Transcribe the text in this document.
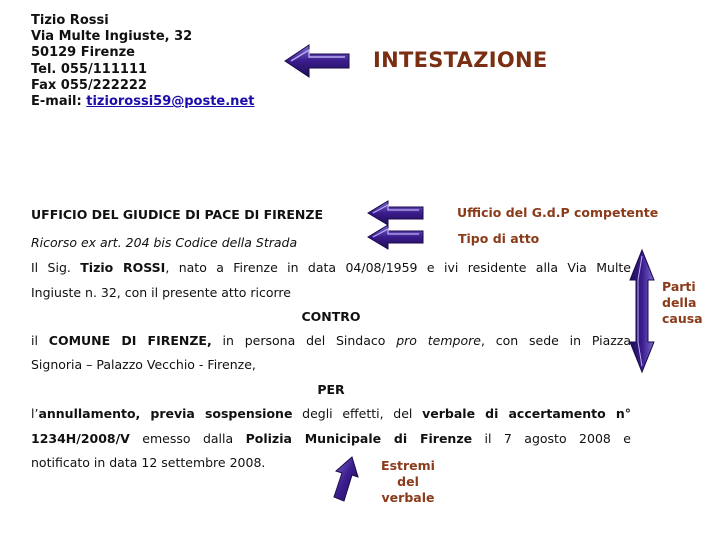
Tizio Rossi
Via Multe Ingiuste, 32
50129 Firenze
Tel. 055/111111
Fax 055/222222
E-mail: tiziorossi59@poste.net
INTESTAZIONE
Ufficio del G.d.P competente
Tipo di atto
Parti
della
causa
Estremi
del
verbale
UFFICIO DEL GIUDICE DI PACE DI FIRENZE
Ricorso ex art. 204 bis Codice della Strada
Il Sig. Tizio ROSSI, nato a Firenze in data 04/08/1959 e ivi residente alla Via Multe
Ingiuste n. 32, con il presente atto ricorre
CONTRO
il COMUNE DI FIRENZE, in persona del Sindaco pro tempore, con sede in Piazza
Signoria – Palazzo Vecchio - Firenze,
PER
l’annullamento, previa sospensione degli effetti, del verbale di accertamento n°
1234H/2008/V emesso dalla Polizia Municipale di Firenze il 7 agosto 2008 e
notificato in data 12 settembre 2008.
